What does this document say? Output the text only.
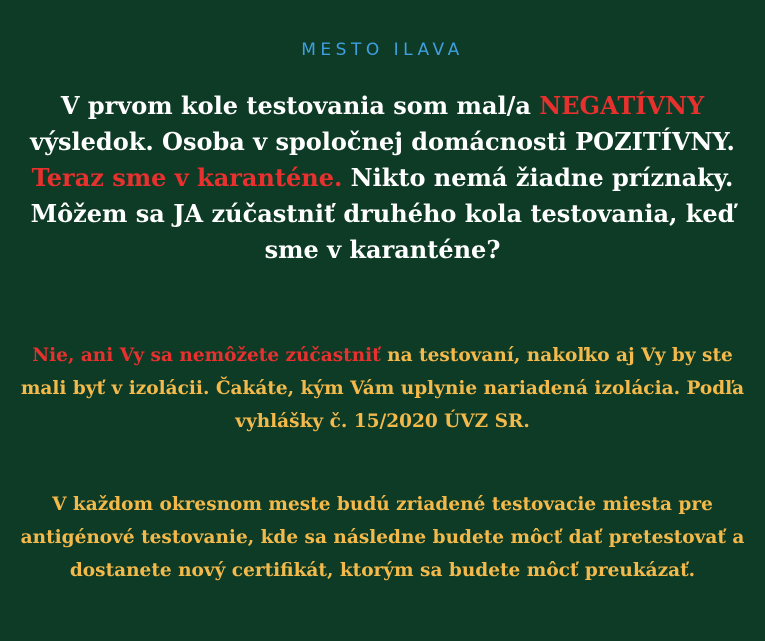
MESTO ILAVA
V prvom kole testovania som mal/a NEGATÍVNY výsledok. Osoba v spoločnej domácnosti POZITÍVNY. Teraz sme v karanténe. Nikto nemá žiadne príznaky. Môžem sa JA zúčastniť druhého kola testovania, keď sme v karanténe?
Nie, ani Vy sa nemôžete zúčastniť na testovaní, nakoľko aj Vy by ste mali byť v izolácii. Čakáte, kým Vám uplynie nariadená izolácia. Podľa vyhlášky č. 15/2020 ÚVZ SR.
V každom okresnom meste budú zriadené testovacie miesta pre antigénové testovanie, kde sa následne budete môcť dať pretestovať a dostanete nový certifikát, ktorým sa budete môcť preukázať.
